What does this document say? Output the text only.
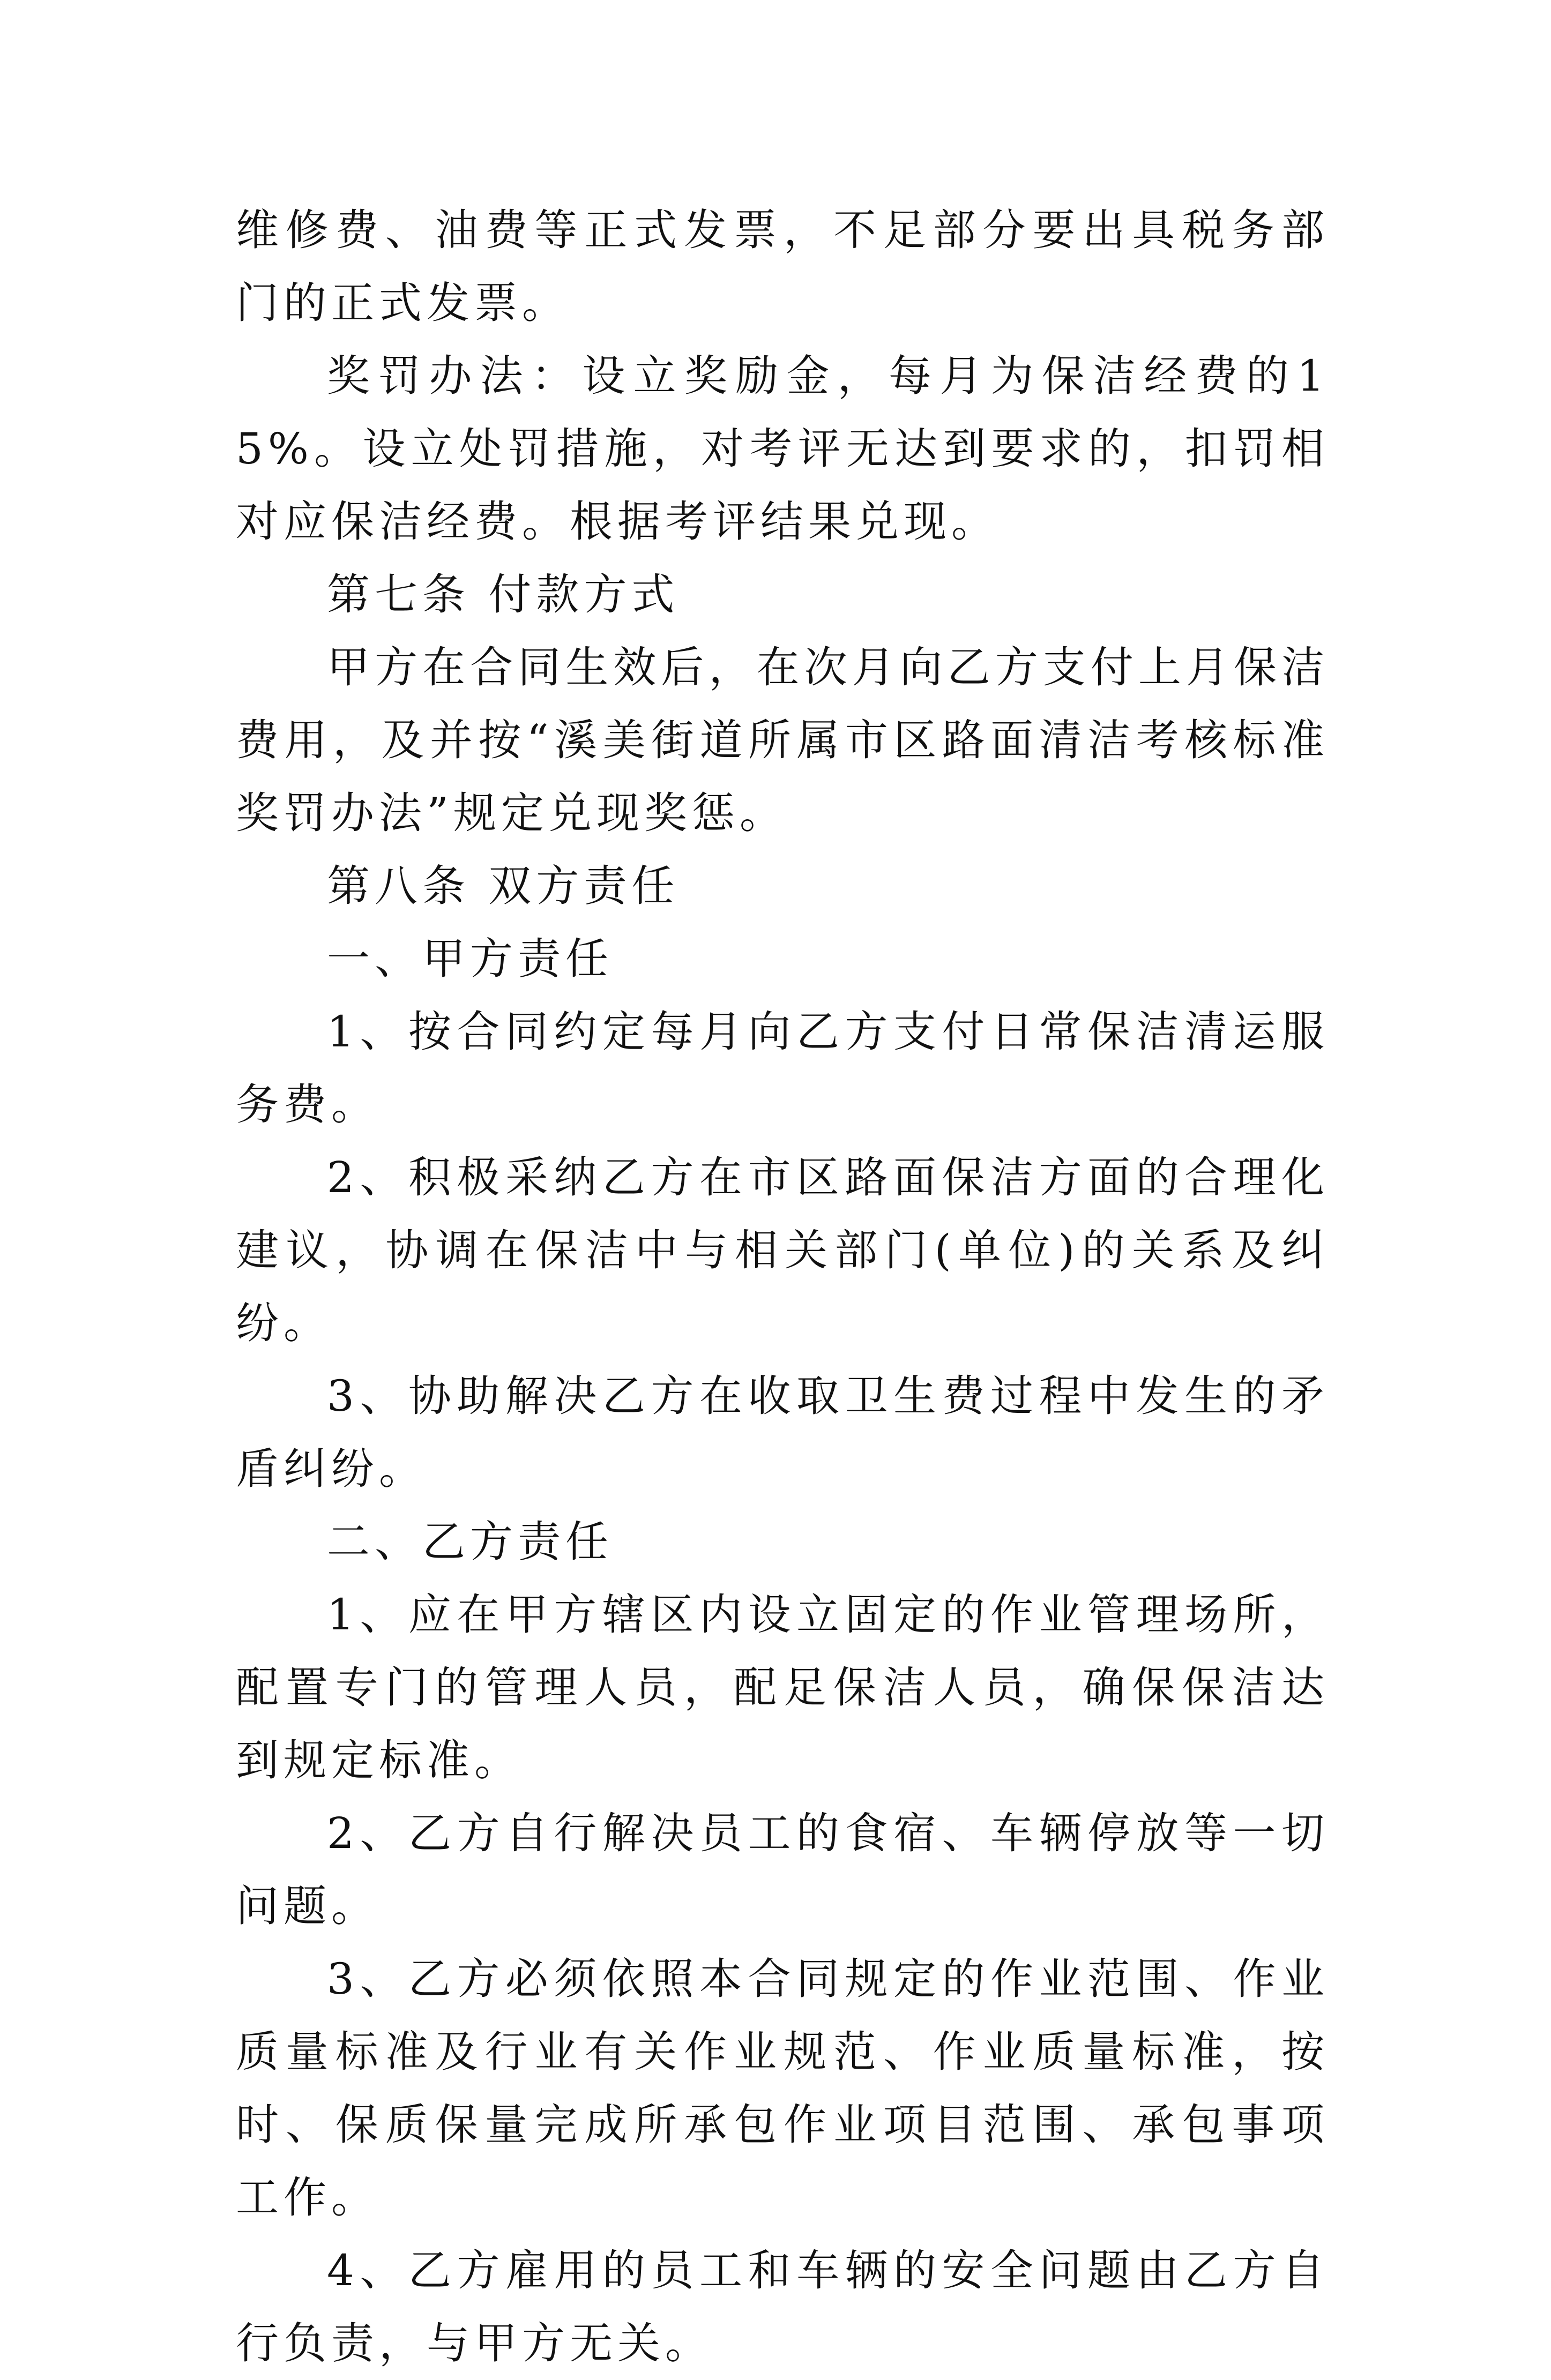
维修费、油费等正式发票，不足部分要出具税务部门的正式发票。

奖罚办法：设立奖励金，每月为保洁经费的15%。设立处罚措施，对考评无达到要求的，扣罚相对应保洁经费。根据考评结果兑现。

第七条 付款方式

甲方在合同生效后，在次月向乙方支付上月保洁费用，及并按“溪美街道所属市区路面清洁考核标准奖罚办法”规定兑现奖惩。

第八条 双方责任

一、甲方责任

1、按合同约定每月向乙方支付日常保洁清运服务费。

2、积极采纳乙方在市区路面保洁方面的合理化建议，协调在保洁中与相关部门(单位)的关系及纠纷。

3、协助解决乙方在收取卫生费过程中发生的矛盾纠纷。

二、乙方责任

1、应在甲方辖区内设立固定的作业管理场所，配置专门的管理人员，配足保洁人员，确保保洁达到规定标准。

2、乙方自行解决员工的食宿、车辆停放等一切问题。

3、乙方必须依照本合同规定的作业范围、作业质量标准及行业有关作业规范、作业质量标准，按时、保质保量完成所承包作业项目范围、承包事项工作。

4、乙方雇用的员工和车辆的安全问题由乙方自行负责，与甲方无关。
